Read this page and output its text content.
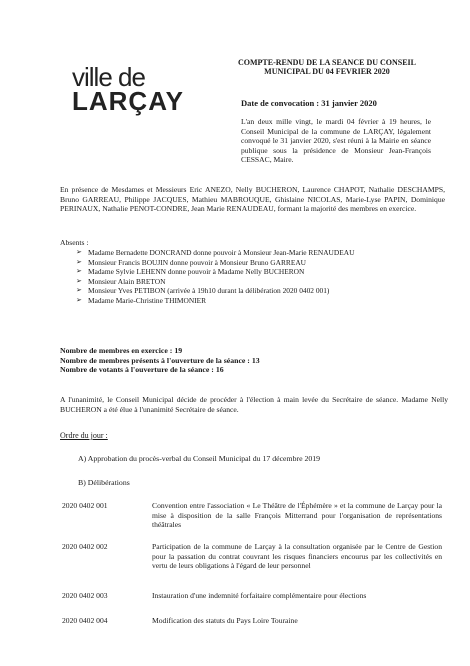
ville de
LARÇAY
COMPTE-RENDU DE LA SEANCE DU CONSEIL MUNICIPAL DU 04 FEVRIER 2020
Date de convocation : 31 janvier 2020
L'an deux mille vingt, le mardi 04 février à 19 heures, le Conseil Municipal de la commune de LARÇAY, légalement convoqué le 31 janvier 2020, s'est réuni à la Mairie en séance publique sous la présidence de Monsieur Jean-François CESSAC, Maire.
En présence de Mesdames et Messieurs Eric ANEZO, Nelly BUCHERON, Laurence CHAPOT, Nathalie DESCHAMPS, Bruno GARREAU, Philippe JACQUES, Mathieu MABROUQUE, Ghislaine NICOLAS, Marie-Lyse PAPIN, Dominique PERINAUX, Nathalie PENOT-CONDRE, Jean Marie RENAUDEAU, formant la majorité des membres en exercice.
Absents :
➢ Madame Bernadette DONCRAND donne pouvoir à Monsieur Jean-Marie RENAUDEAU
➢ Monsieur Francis BOUJIN donne pouvoir à Monsieur Bruno GARREAU
➢ Madame Sylvie LEHENN donne pouvoir à Madame Nelly BUCHERON
➢ Monsieur Alain BRETON
➢ Monsieur Yves PETIBON (arrivée à 19h10 durant la délibération 2020 0402 001)
➢ Madame Marie-Christine THIMONIER
Nombre de membres en exercice : 19
Nombre de membres présents à l'ouverture de la séance : 13
Nombre de votants à l'ouverture de la séance : 16
A l'unanimité, le Conseil Municipal décide de procéder à l'élection à main levée du Secrétaire de séance. Madame Nelly BUCHERON a été élue à l'unanimité Secrétaire de séance.
Ordre du jour :
A) Approbation du procès-verbal du Conseil Municipal du 17 décembre 2019
B) Délibérations
2020 0402 001	Convention entre l'association « Le Théâtre de l'Éphémère » et la commune de Larçay pour la mise à disposition de la salle François Mitterrand pour l'organisation de représentations théâtrales
2020 0402 002	Participation de la commune de Larçay à la consultation organisée par le Centre de Gestion pour la passation du contrat couvrant les risques financiers encourus par les collectivités en vertu de leurs obligations à l'égard de leur personnel
2020 0402 003	Instauration d'une indemnité forfaitaire complémentaire pour élections
2020 0402 004	Modification des statuts du Pays Loire Touraine
